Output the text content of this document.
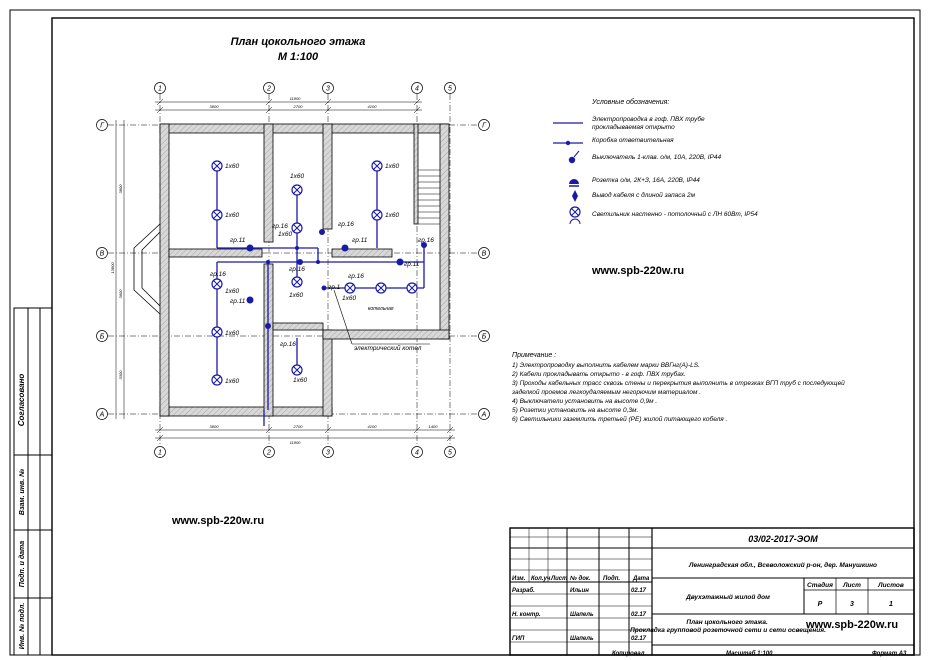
Согласовано
Взам. инв. №
Подп. и дата
Инв. № подл.
План цокольного этажа
М 1:100
1	2	3	4	5
1	2	3	4	5
Г
В
Б
А
Г
В
Б
А
11800
3800	2700	4100
3800	2700	4100	1400
11800
13800
3800
3600
3300
1x60
1x60
1x60
1x60
1x60
1x60
1x60
1x60
1x60
1x60	1x60
1x60
гр.16	гр.16
гр.11
гр.16
гр.11
гр.16	гр.16
гр.11
гр.1
гр.16
гр.11
гр.16
котельная
электрический котел
Условные обозначения:
Электропроводка в гоф. ПВХ трубе прокладываемая открыто
Коробка ответвительная
Выключатель 1-клав. о/м, 10А, 220В, IP44
Розетка о/м, 2К+З, 16А, 220В, IP44
Вывод кабеля с длиной запаса 2м
Светильник настенно - потолочный с ЛН 60Вт, IP54
Примечание :
1) Электропроводку выполнить кабелем марки ВВГнг(А)-LS.
2) Кабели прокладывать открыто - в гоф. ПВХ трубах.
3) Проходы кабельных трасс сквозь стены и перекрытия выполнить в отрезках ВГП труб с последующей
заделкой проемов легкоудаляемым негорючим материалом .
4) Выключатели установить на высоте 0,9м .
5) Розетки установить на высоте 0,3м.
6) Светильники заземлить третьей (РЕ) жилой питающего кобеля .
www.spb-220w.ru
www.spb-220w.ru
03/02-2017-ЭОМ
Ленинградская обл., Всеволожский р-он, дер. Манушкино
Двухэтажный жилой дом
План цокольного этажа. Прокладка групповой розеточной сети и сети освещения.
Изм. Кол.уч Лист № док. Подп. Дата
Разраб.	Ильин	02.17
Н. контр.	Шапель	02.17
ГИП	Шапель	02.17
Стадия Лист	Листов
Р	3	1
Копировал	Масштаб 1:100	Формат А3
www.spb-220w.ru
